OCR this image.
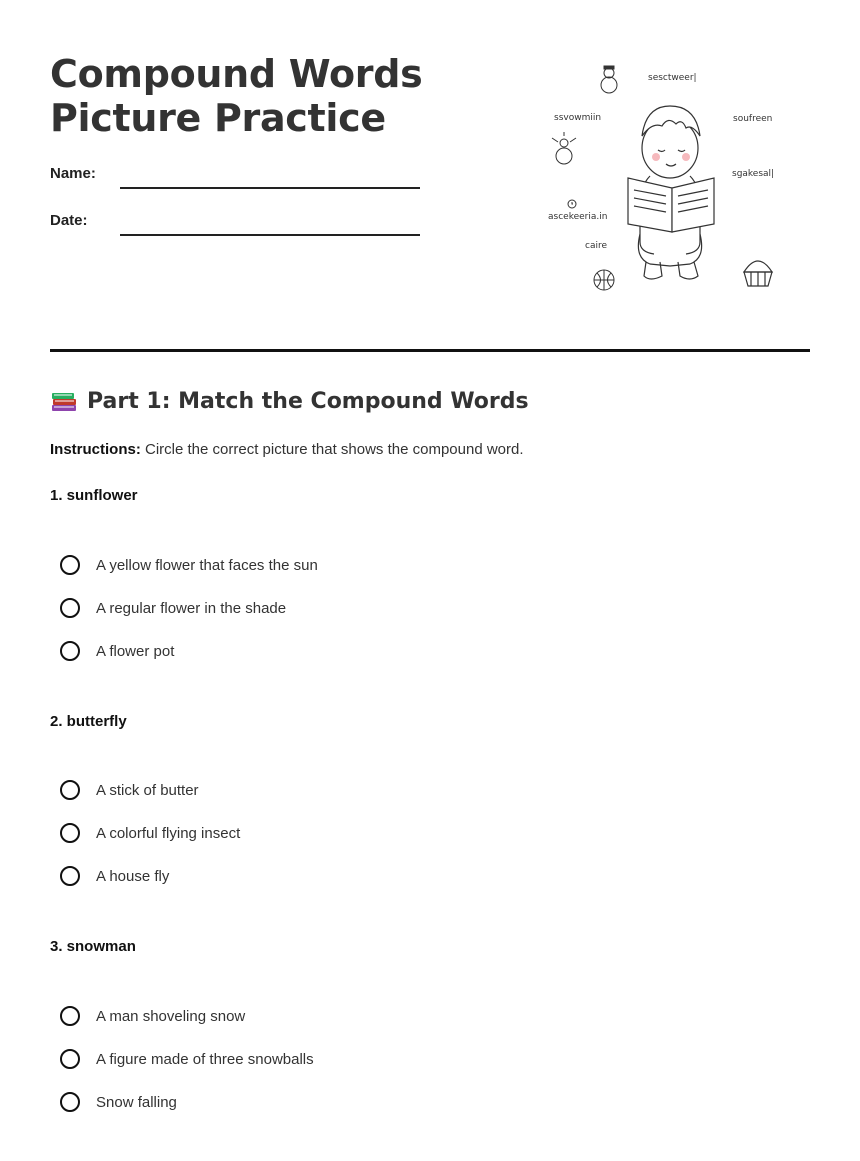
Compound Words
Picture Practice
Name:
Date:
sesctweer|
ssvowmiin	soufreen
sgakesal|
ascekeeria.in
caire
Part 1: Match the Compound Words
Instructions: Circle the correct picture that shows the compound word.
1. sunflower
A yellow flower that faces the sun
A regular flower in the shade
A flower pot
2. butterfly
A stick of butter
A colorful flying insect
A house fly
3. snowman
A man shoveling snow
A figure made of three snowballs
Snow falling
